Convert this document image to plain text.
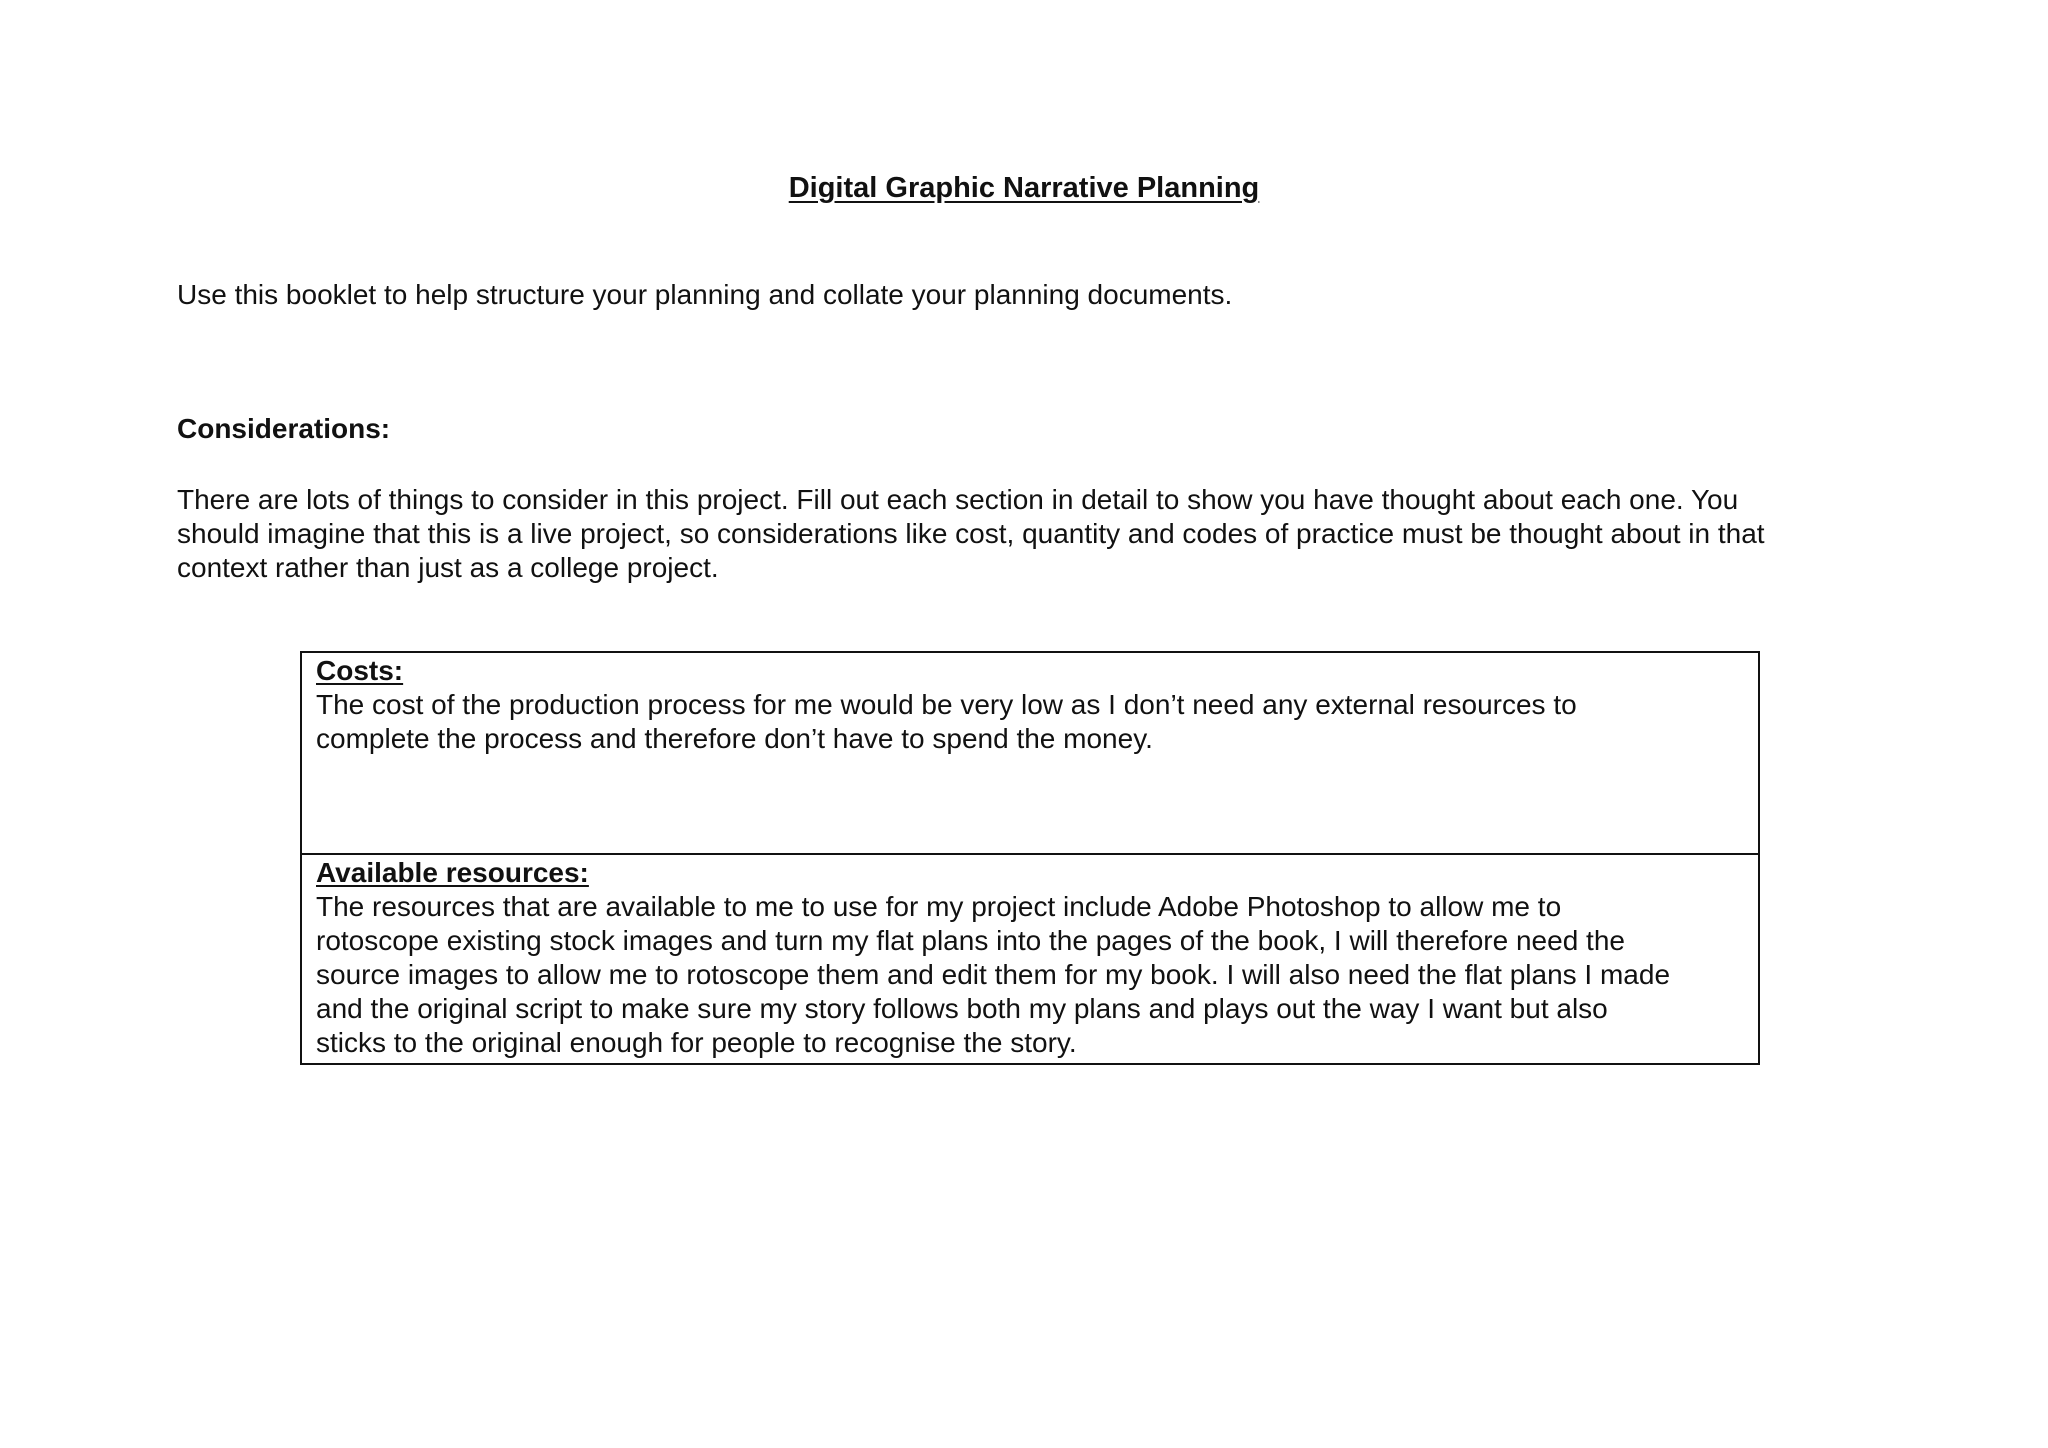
Digital Graphic Narrative Planning
Use this booklet to help structure your planning and collate your planning documents.
Considerations:
There are lots of things to consider in this project. Fill out each section in detail to show you have thought about each one. You
should imagine that this is a live project, so considerations like cost, quantity and codes of practice must be thought about in that
context rather than just as a college project.
Costs:
The cost of the production process for me would be very low as I don’t need any external resources to
complete the process and therefore don’t have to spend the money.
Available resources:
The resources that are available to me to use for my project include Adobe Photoshop to allow me to
rotoscope existing stock images and turn my flat plans into the pages of the book, I will therefore need the
source images to allow me to rotoscope them and edit them for my book. I will also need the flat plans I made
and the original script to make sure my story follows both my plans and plays out the way I want but also
sticks to the original enough for people to recognise the story.
